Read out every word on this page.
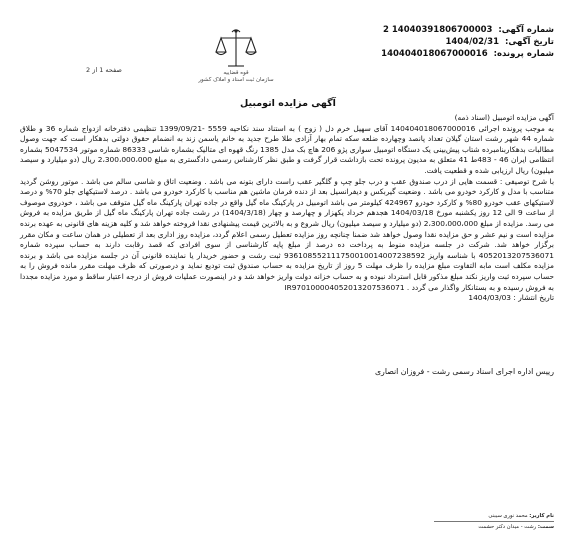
قوه قضاییه
سازمان ثبت اسناد و املاک کشور
صفحه 1 از 2
شماره آگهی: 14040391806700003 2
تاریخ آگهی: 1404/02/31
شماره پرونده: 140404018067000016
آگهی مزایده اتومبیل

آگهی مزایده اتومبیل (اسناد ذمه)

به موجب پرونده اجرائی 140404018067000016 آقای سهیل خرم دل ( زوج ) به استناد سند نکاحیه 5559 -1399/09/21 تنظیمی دفترخانه ازدواج شماره 36 و طلاق شماره 44 شهر رشت استان گیلان تعداد پانصد وچهارده ضلعه سکه تمام بهار آزادی طلا طرح جدید به خانم یاسمن زند به انضمام حقوق دولتی بدهکار است که جهت وصول مطالبات بدهکاربنامبرده شتاب پیش‌بینی یک دستگاه اتومبیل سواری پژو 206 هاچ بک مدل 1385 رنگ قهوه ای متالیک بشماره شاسی 86333 شماره موتور 5047534 بشماره انتظامی ایران 46 - 483ط 41 متعلق به مدیون پرونده تحت بازداشت قرار گرفت و طبق نظر کارشناس رسمی دادگستری به مبلغ 2،300،000،000 ریال (دو میلیارد و سیصد میلیون) ریال ارزیابی شده و قطعیت یافت.

با شرح توصیفی : قسمت هایی از درب صندوق عقب و درب جلو چپ و گلگیر عقب راست دارای بتونه می باشد . وضعیت اتاق و شاسی سالم می باشد . موتور روشن گردید متناسب با مدل و کارکرد خودرو می باشد . وضعیت گیربکس و دیفرانسیل بعد از دنده فرمان ماشین هم مناسب با کارکرد خودرو می باشد . درصد لاستیکهای جلو 70% و درصد لاستیکهای عقب خودرو 80% و کارکرد خودرو 424967 کیلومتر می باشد اتومبیل در پارکینگ ماه گیل واقع در جاده تهران پارکینگ ماه گیل متوقف می باشد ، خودروی موصوف از ساعت 9 الی 12 روز یکشنبه مورخ 1404/03/18 هجدهم خرداد یکهزار و چهارصد و چهار (1404/3/18) در رشت جاده تهران پارکینگ ماه گیل از طریق مزایده به فروش می رسد. مزایده از مبلغ 2،300،000،000 (دو میلیارد و سیصد میلیون) ریال شروع و به بالاترین قیمت پیشنهادی نقدا فروخته خواهد شد و کلیه هزینه های قانونی به عهده برنده مزایده است و نیم عشر و حق مزایده نقدا وصول خواهد شد ضمنا چنانچه روز مزایده تعطیل رسمی اعلام گردد، مزایده روز اداری بعد از تعطیلی در همان ساعت و مکان مقرر برگزار خواهد شد. شرکت در جلسه مزایده منوط به پرداخت ده درصد از مبلغ پایه کارشناسی از سوی افرادی که قصد رقابت دارند به حساب سپرده شماره 4052013207536071 با شناسه واریز 936108552111750010014007238592 ثبت رشت و حضور خریدار یا نماینده قانونی آن در جلسه مزایده می باشد و برنده مزایده مکلف است مابه التفاوت مبلغ مزایده را ظرف مهلت 5 روز از تاریخ مزایده به حساب صندوق ثبت تودیع نماید و درصورتی که ظرف مهلت مقرر مانده فروش را به حساب سپرده ثبت واریز نکند مبلغ مذکور قابل استرداد نبوده و به حساب خزانه دولت واریز خواهد شد و در اینصورت عملیات فروش از درجه اعتبار ساقط و مورد مزایده مجددا به فروش رسیده و به بستانکار واگذار می گردد . IR970100004052013207536071

تاریخ انتشار : 1404/03/03

رییس اداره اجرای اسناد رسمی رشت - فروزان انصاری
نام کاربر: محمد نوری سیبنی
سمت: رشت - میدان دکتر حشمت
